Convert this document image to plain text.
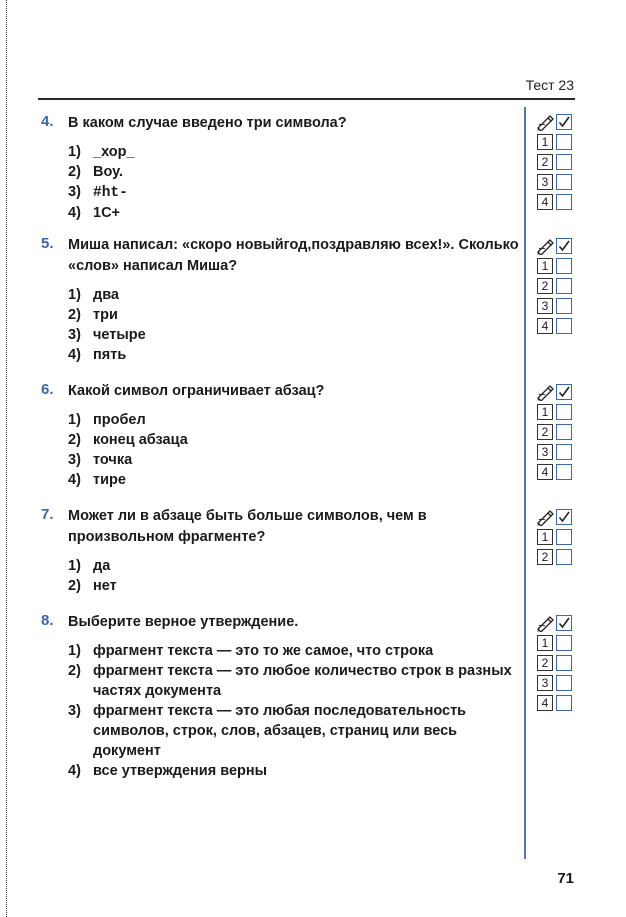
Тест 23
4. В каком случае введено три символа?
1) _хор_
2) Bоу.
3) #ht-
4) 1C+
1
2
3
4
5. Миша написал: «скоро новыйгод,поздравляю всех!». Сколько «слов» написал Миша?
1) два
2) три
3) четыре
4) пять
1
2
3
4
6. Какой символ ограничивает абзац?
1) пробел
2) конец абзаца
3) точка
4) тире
1
2
3
4
7. Может ли в абзаце быть больше символов, чем в произвольном фрагменте?
1) да
2) нет
1
2
8. Выберите верное утверждение.
1) фрагмент текста — это то же самое, что строка
2) фрагмент текста — это любое количество строк в разных частях документа
3) фрагмент текста — это любая последовательность символов, строк, слов, абзацев, страниц или весь документ
4) все утверждения верны
1
2
3
4
71
